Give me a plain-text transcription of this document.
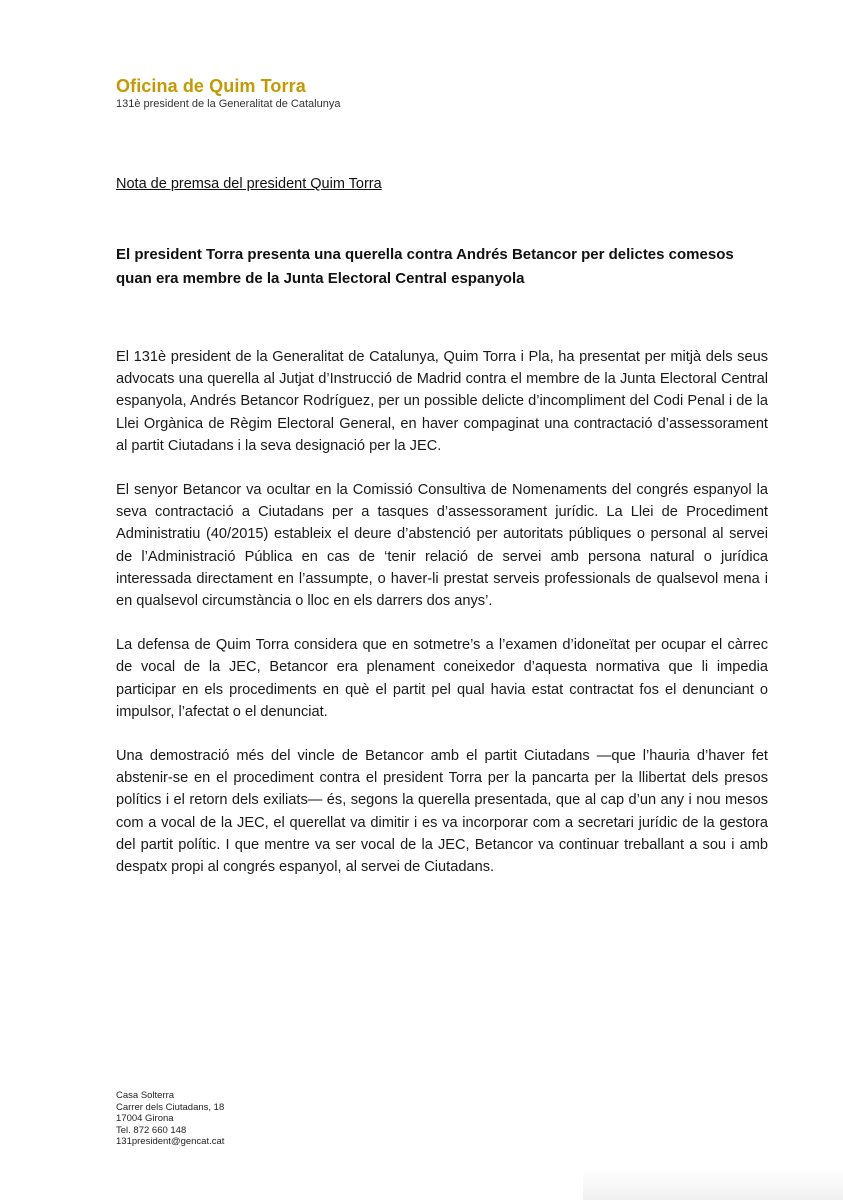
Oficina de Quim Torra
131è president de la Generalitat de Catalunya
Nota de premsa del president Quim Torra
El president Torra presenta una querella contra Andrés Betancor per delictes comesos quan era membre de la Junta Electoral Central espanyola

El 131è president de la Generalitat de Catalunya, Quim Torra i Pla, ha presentat per mitjà dels seus advocats una querella al Jutjat d’Instrucció de Madrid contra el membre de la Junta Electoral Central espanyola, Andrés Betancor Rodríguez, per un possible delicte d’incompliment del Codi Penal i de la Llei Orgànica de Règim Electoral General, en haver compaginat una contractació d’assessorament al partit Ciutadans i la seva designació per la JEC.

El senyor Betancor va ocultar en la Comissió Consultiva de Nomenaments del congrés espanyol la seva contractació a Ciutadans per a tasques d’assessorament jurídic. La Llei de Procediment Administratiu (40/2015) estableix el deure d’abstenció per autoritats públiques o personal al servei de l’Administració Pública en cas de ‘tenir relació de servei amb persona natural o jurídica interessada directament en l’assumpte, o haver-li prestat serveis professionals de qualsevol mena i en qualsevol circumstància o lloc en els darrers dos anys’.

La defensa de Quim Torra considera que en sotmetre’s a l’examen d’idoneïtat per ocupar el càrrec de vocal de la JEC, Betancor era plenament coneixedor d’aquesta normativa que li impedia participar en els procediments en què el partit pel qual havia estat contractat fos el denunciant o impulsor, l’afectat o el denunciat.

Una demostració més del vincle de Betancor amb el partit Ciutadans —que l’hauria d’haver fet abstenir-se en el procediment contra el president Torra per la pancarta per la llibertat dels presos polítics i el retorn dels exiliats— és, segons la querella presentada, que al cap d’un any i nou mesos com a vocal de la JEC, el querellat va dimitir i es va incorporar com a secretari jurídic de la gestora del partit polític. I que mentre va ser vocal de la JEC, Betancor va continuar treballant a sou i amb despatx propi al congrés espanyol, al servei de Ciutadans.

Casa Solterra
Carrer dels Ciutadans, 18
17004 Girona
Tel. 872 660 148
131president@gencat.cat
